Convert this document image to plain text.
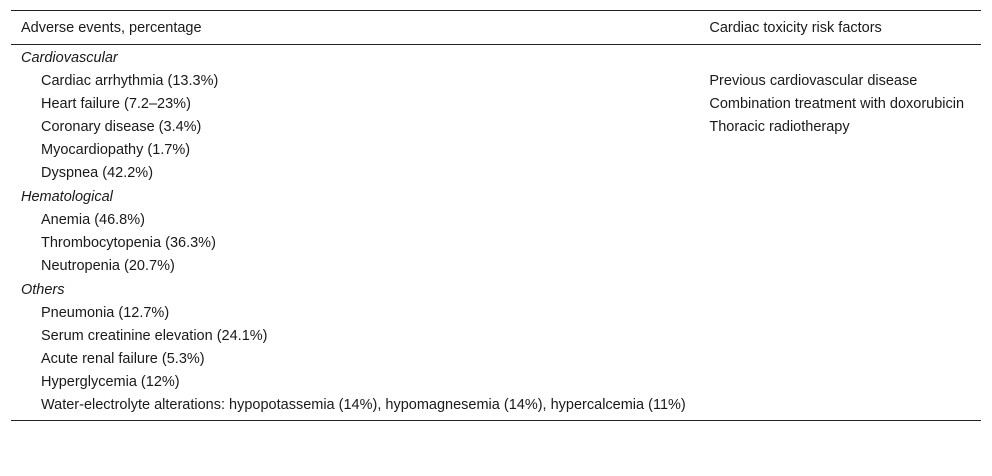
Adverse events, percentage	Cardiac toxicity risk factors
Cardiovascular	
Cardiac arrhythmia (13.3%)	Previous cardiovascular disease
Heart failure (7.2–23%)	Combination treatment with doxorubicin
Coronary disease (3.4%)	Thoracic radiotherapy
Myocardiopathy (1.7%)	
Dyspnea (42.2%)	
Hematological	
Anemia (46.8%)	
Thrombocytopenia (36.3%)	
Neutropenia (20.7%)	
Others	
Pneumonia (12.7%)	
Serum creatinine elevation (24.1%)	
Acute renal failure (5.3%)	
Hyperglycemia (12%)	
Water-electrolyte alterations: hypopotassemia (14%), hypomagnesemia (14%), hypercalcemia (11%)	
